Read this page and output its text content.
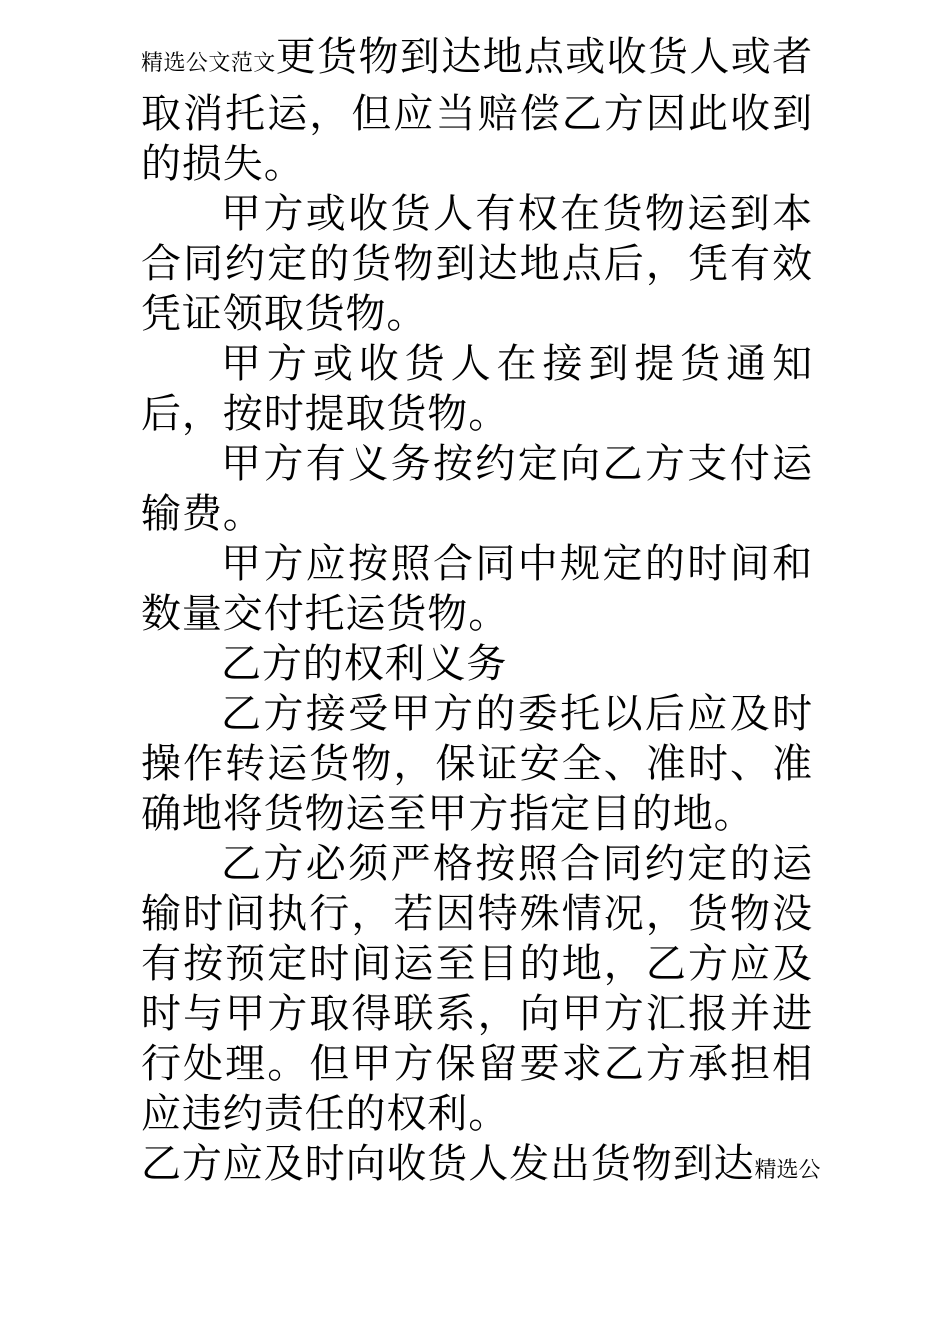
精选公文范文更货物到达地点或收货人或者取消托运，但应当赔偿乙方因此收到的损失。

甲方或收货人有权在货物运到本合同约定的货物到达地点后，凭有效凭证领取货物。

甲方或收货人在接到提货通知后，按时提取货物。

甲方有义务按约定向乙方支付运输费。

甲方应按照合同中规定的时间和数量交付托运货物。

乙方的权利义务

乙方接受甲方的委托以后应及时操作转运货物，保证安全、准时、准确地将货物运至甲方指定目的地。

乙方必须严格按照合同约定的运输时间执行，若因特殊情况，货物没有按预定时间运至目的地，乙方应及时与甲方取得联系，向甲方汇报并进行处理。但甲方保留要求乙方承担相应违约责任的权利。

乙方应及时向收货人发出货物到达精选公
